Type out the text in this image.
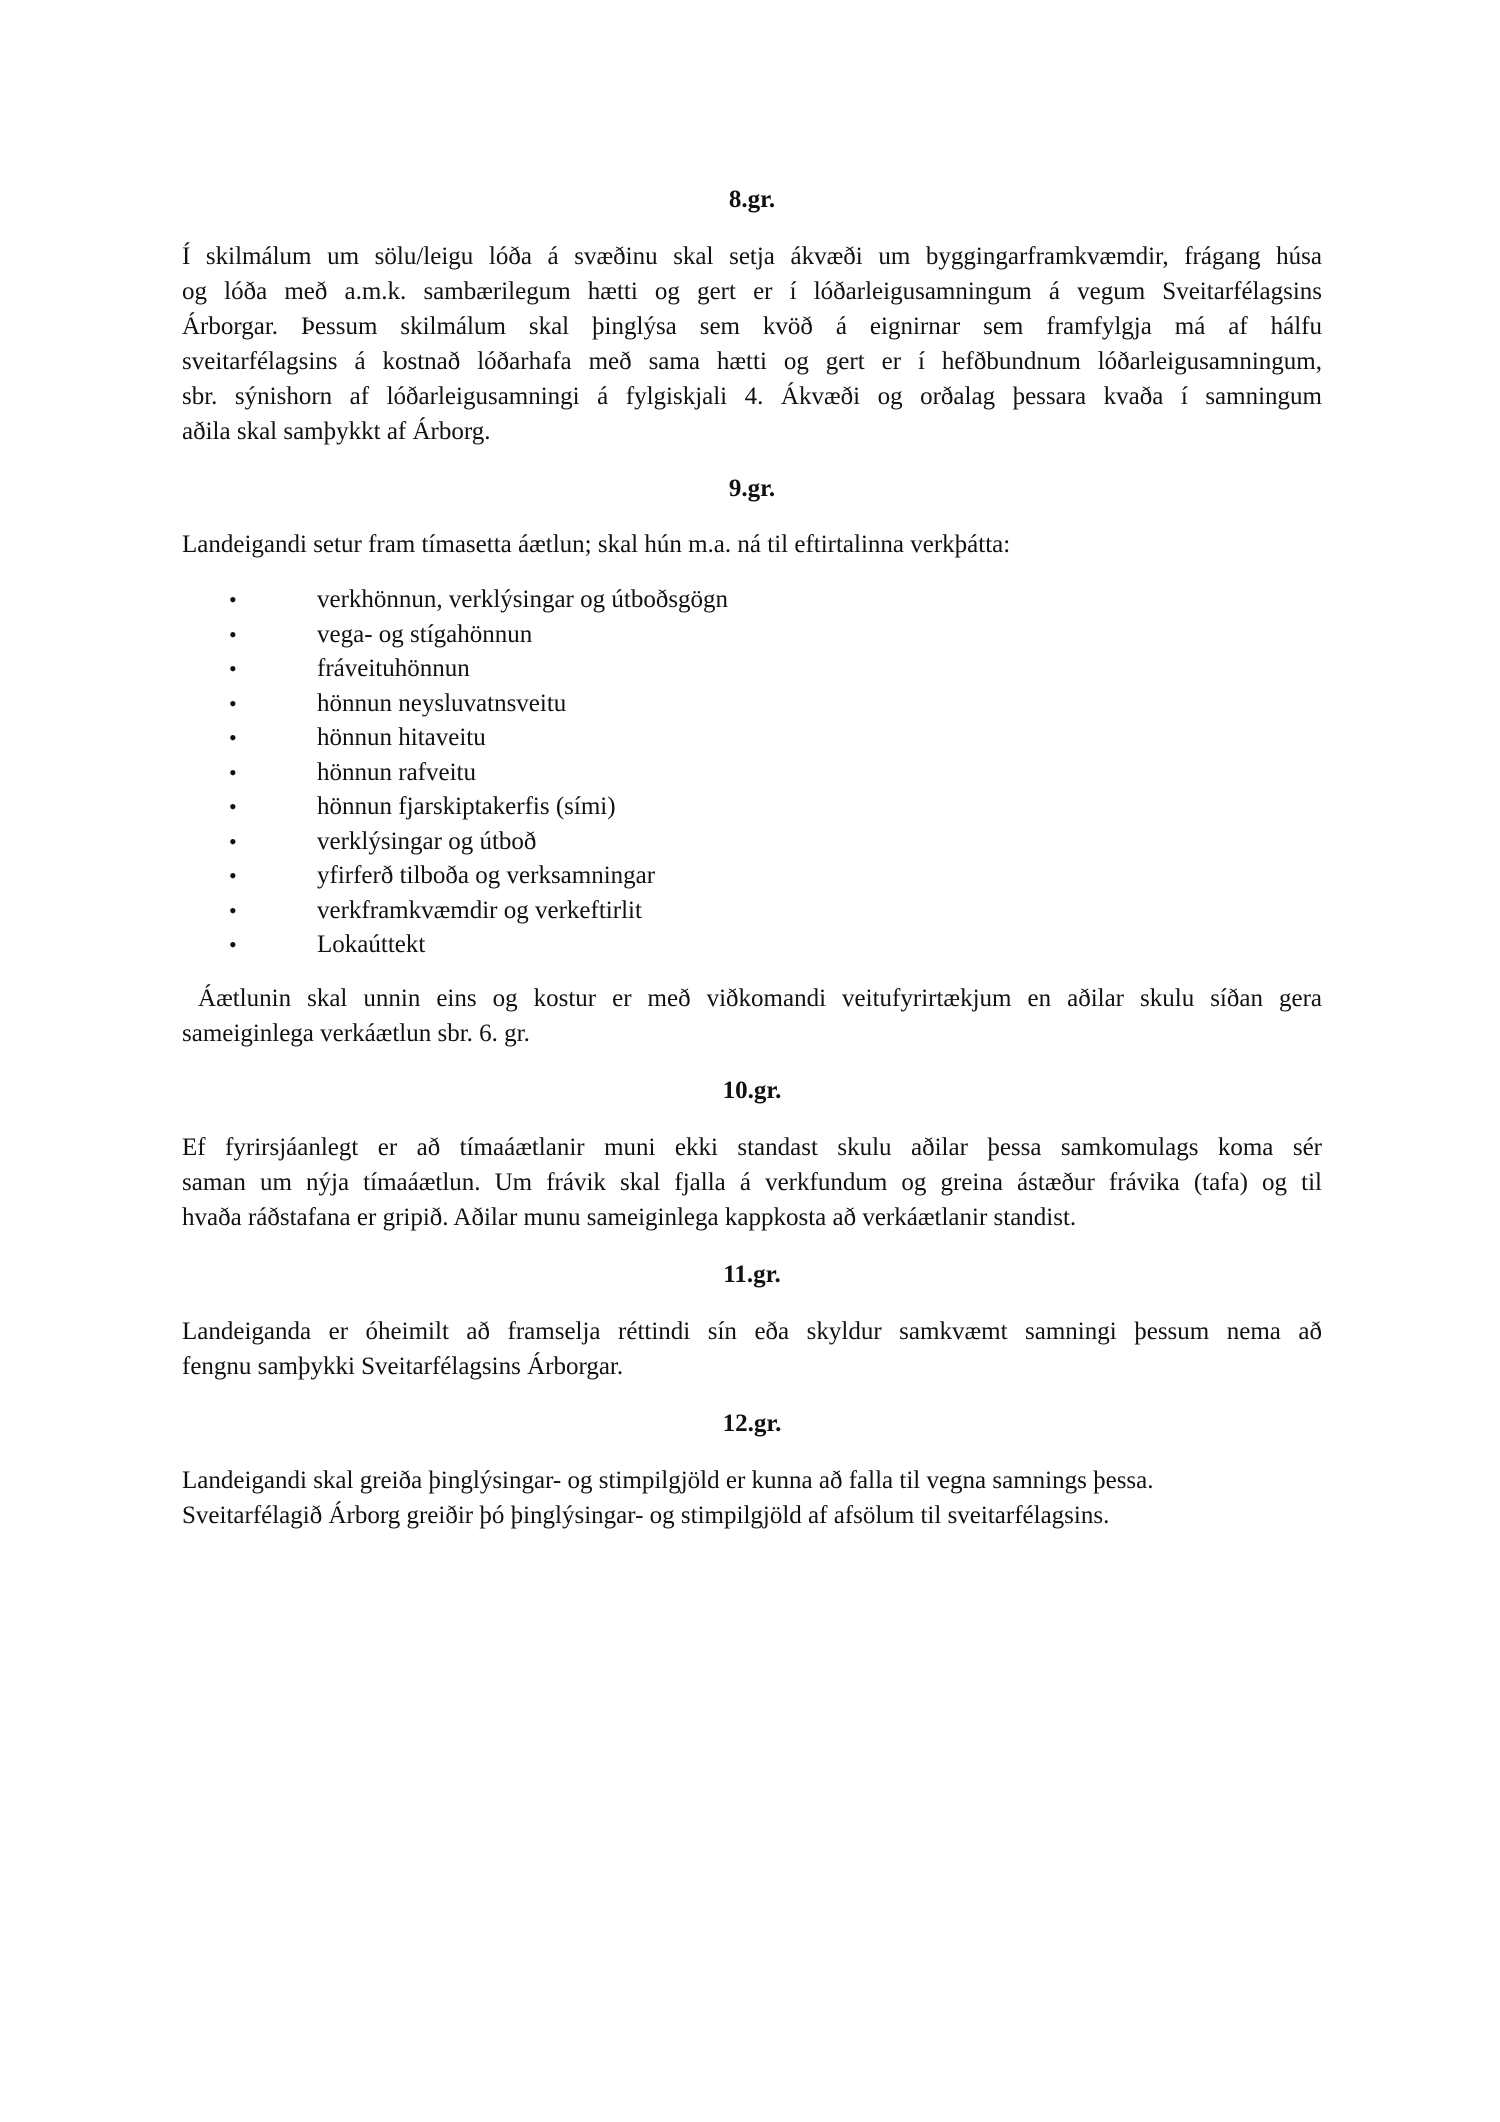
8.gr.

Í skilmálum um sölu/leigu lóða á svæðinu skal setja ákvæði um byggingarframkvæmdir, frágang húsa
og lóða með a.m.k. sambærilegum hætti og gert er í lóðarleigusamningum á vegum Sveitarfélagsins
Árborgar. Þessum skilmálum skal þinglýsa sem kvöð á eignirnar sem framfylgja má af hálfu
sveitarfélagsins á kostnað lóðarhafa með sama hætti og gert er í hefðbundnum lóðarleigusamningum,
sbr. sýnishorn af lóðarleigusamningi á fylgiskjali 4. Ákvæði og orðalag þessara kvaða í samningum
aðila skal samþykkt af Árborg.

9.gr.

Landeigandi setur fram tímasetta áætlun; skal hún m.a. ná til eftirtalinna verkþátta:

•	verkhönnun, verklýsingar og útboðsgögn
•	vega- og stígahönnun
•	fráveituhönnun
•	hönnun neysluvatnsveitu
•	hönnun hitaveitu
•	hönnun rafveitu
•	hönnun fjarskiptakerfis (sími)
•	verklýsingar og útboð
•	yfirferð tilboða og verksamningar
•	verkframkvæmdir og verkeftirlit
•	Lokaúttekt

Áætlunin skal unnin eins og kostur er með viðkomandi veitufyrirtækjum en aðilar skulu síðan gera
sameiginlega verkáætlun sbr. 6. gr.

10.gr.

Ef fyrirsjáanlegt er að tímaáætlanir muni ekki standast skulu aðilar þessa samkomulags koma sér
saman um nýja tímaáætlun. Um frávik skal fjalla á verkfundum og greina ástæður frávika (tafa) og til
hvaða ráðstafana er gripið. Aðilar munu sameiginlega kappkosta að verkáætlanir standist.

11.gr.

Landeiganda er óheimilt að framselja réttindi sín eða skyldur samkvæmt samningi þessum nema að
fengnu samþykki Sveitarfélagsins Árborgar.

12.gr.

Landeigandi skal greiða þinglýsingar- og stimpilgjöld er kunna að falla til vegna samnings þessa.
Sveitarfélagið Árborg greiðir þó þinglýsingar- og stimpilgjöld af afsölum til sveitarfélagsins.
